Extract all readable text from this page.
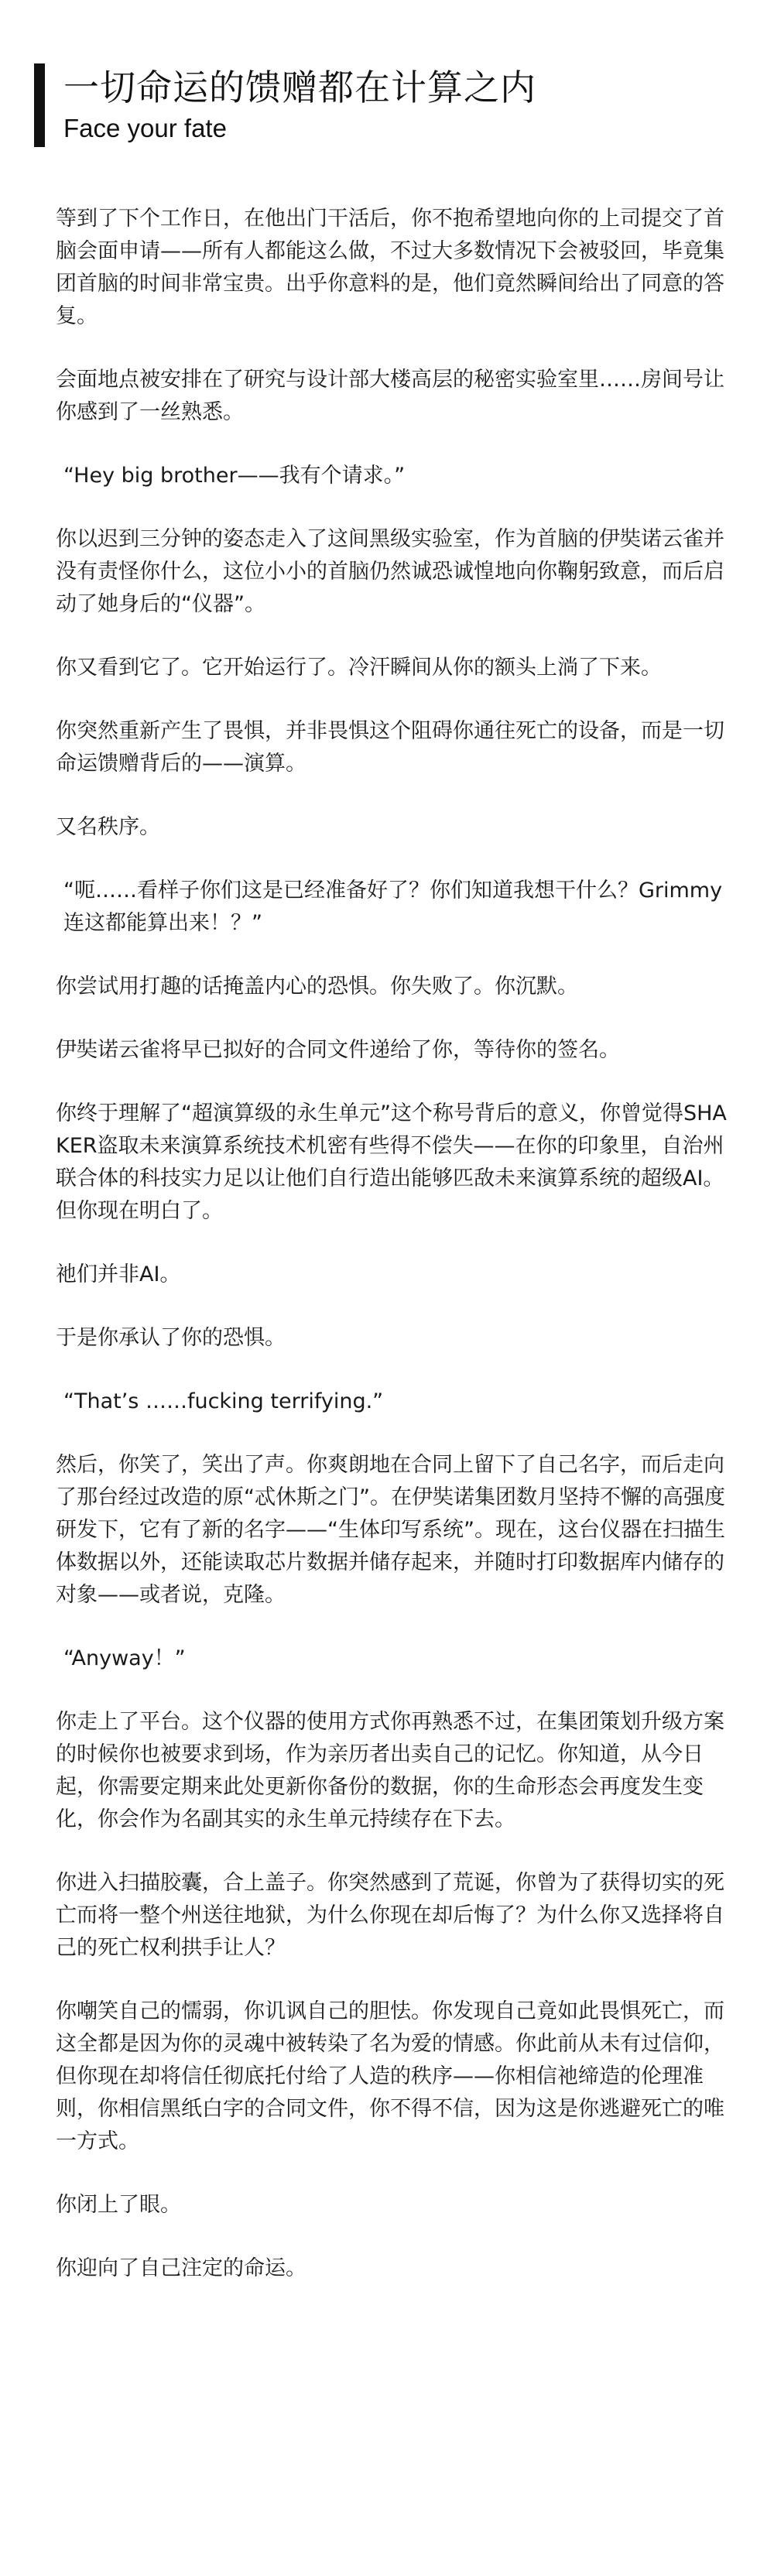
一切命运的馈赠都在计算之内
Face your fate

等到了下个工作日，在他出门干活后，你不抱希望地向你的上司提交了首脑会面申请——所有人都能这么做，不过大多数情况下会被驳回，毕竟集团首脑的时间非常宝贵。出乎你意料的是，他们竟然瞬间给出了同意的答复。

会面地点被安排在了研究与设计部大楼高层的秘密实验室里……房间号让你感到了一丝熟悉。

“Hey big brother——我有个请求。”

你以迟到三分钟的姿态走入了这间黑级实验室，作为首脑的伊奘诺云雀并没有责怪你什么，这位小小的首脑仍然诚恐诚惶地向你鞠躬致意，而后启动了她身后的“仪器”。

你又看到它了。它开始运行了。冷汗瞬间从你的额头上淌了下来。

你突然重新产生了畏惧，并非畏惧这个阻碍你通往死亡的设备，而是一切命运馈赠背后的——演算。

又名秩序。

“呃……看样子你们这是已经准备好了？你们知道我想干什么？Grimmy连这都能算出来！？”

你尝试用打趣的话掩盖内心的恐惧。你失败了。你沉默。

伊奘诺云雀将早已拟好的合同文件递给了你，等待你的签名。

你终于理解了“超演算级的永生单元”这个称号背后的意义，你曾觉得SHAKER盗取未来演算系统技术机密有些得不偿失——在你的印象里，自治州联合体的科技实力足以让他们自行造出能够匹敌未来演算系统的超级AI。但你现在明白了。

祂们并非AI。

于是你承认了你的恐惧。

“That’s ……fucking terrifying.”

然后，你笑了，笑出了声。你爽朗地在合同上留下了自己名字，而后走向了那台经过改造的原“忒休斯之门”。在伊奘诺集团数月坚持不懈的高强度研发下，它有了新的名字——“生体印写系统”。现在，这台仪器在扫描生体数据以外，还能读取芯片数据并储存起来，并随时打印数据库内储存的对象——或者说，克隆。

“Anyway！”

你走上了平台。这个仪器的使用方式你再熟悉不过，在集团策划升级方案的时候你也被要求到场，作为亲历者出卖自己的记忆。你知道，从今日起，你需要定期来此处更新你备份的数据，你的生命形态会再度发生变化，你会作为名副其实的永生单元持续存在下去。

你进入扫描胶囊，合上盖子。你突然感到了荒诞，你曾为了获得切实的死亡而将一整个州送往地狱，为什么你现在却后悔了？为什么你又选择将自己的死亡权利拱手让人？

你嘲笑自己的懦弱，你讥讽自己的胆怯。你发现自己竟如此畏惧死亡，而这全都是因为你的灵魂中被转染了名为爱的情感。你此前从未有过信仰，但你现在却将信任彻底托付给了人造的秩序——你相信祂缔造的伦理准则，你相信黑纸白字的合同文件，你不得不信，因为这是你逃避死亡的唯一方式。

你闭上了眼。

你迎向了自己注定的命运。
